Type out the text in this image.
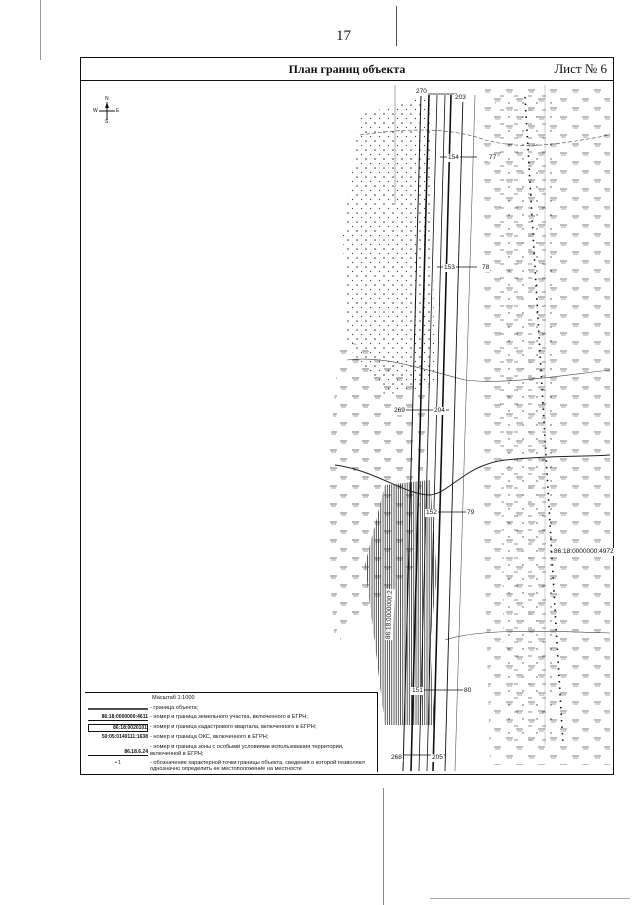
17
План границ объекта	Лист № 6
N
S
W	E
270
203
154	77
153	78
269	204
152	79
86:18:0000000:4972
86:18:0000000:2
151	80
268	205
Масштаб 1:1000
- граница объекта;
86:18:0000000:4611 - номер и граница земельного участка, включенного в ЕГРН;
86:18:0020101 - номер и граница кадастрового квартала, включенного в ЕГРН;
50:05:0140111:1638 - номер и граница ОКС, включенного в ЕГРН;
86.18.6.24
- номер и граница зоны с особыми условиями использования территории, включенной в ЕГРН;
• 1	- обозначение характерной точки границы объекта, сведения о которой позволяют однозначно определить ее местоположение на местности
